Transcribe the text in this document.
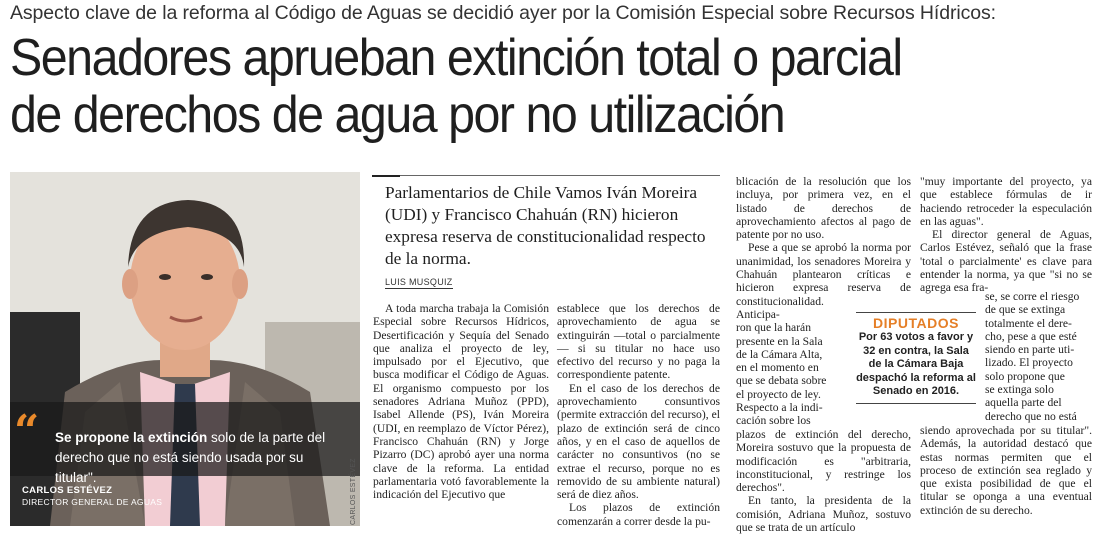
Aspecto clave de la reforma al Código de Aguas se decidió ayer por la Comisión Especial sobre Recursos Hídricos:
Senadores aprueban extinción total o parcial
de derechos de agua por no utilización
“ Se propone la extinción solo de la parte del derecho que no está siendo usada por su titular".
CARLOS ESTÉVEZ
DIRECTOR GENERAL DE AGUAS	CARLOS ESTÉVEZ
Parlamentarios de Chile Vamos Iván Moreira (UDI) y Francisco Chahuán (RN) hicieron expresa reserva de constitucionalidad respecto de la norma.
LUIS MUSQUIZ

A toda marcha trabaja la Comisión Especial sobre Recursos Hídricos, Desertificación y Sequía del Senado que analiza el proyecto de ley, impulsado por el Ejecutivo, que busca modificar el Código de Aguas. El organismo compuesto por los senadores Adriana Muñoz (PPD), Isabel Allende (PS), Iván Moreira (UDI, en reemplazo de Víctor Pérez), Francisco Chahuán (RN) y Jorge Pizarro (DC) aprobó ayer una norma clave de la reforma. La entidad parlamentaria votó favorablemente la indicación del Ejecutivo que

establece que los derechos de aprovechamiento de agua se extinguirán —total o parcialmente— si su titular no hace uso efectivo del recurso y no paga la correspondiente patente.

En el caso de los derechos de aprovechamiento consuntivos (permite extracción del recurso), el plazo de extinción será de cinco años, y en el caso de aquellos de carácter no consuntivos (no se extrae el recurso, porque no es removido de su ambiente natural) será de diez años.

Los plazos de extinción comenzarán a correr desde la pu-

blicación de la resolución que los incluya, por primera vez, en el listado de derechos de aprovechamiento afectos al pago de patente por no uso.

Pese a que se aprobó la norma por unanimidad, los senadores Moreira y Chahuán plantearon críticas e hicieron expresa reserva de constitucionalidad.

Anticipa-
ron que la harán
presente en la Sala
de la Cámara Alta,
en el momento en
que se debata sobre
el proyecto de ley.
Respecto a la indi-
cación sobre los

plazos de extinción del derecho, Moreira sostuvo que la propuesta de modificación es "arbitraria, inconstitucional, y restringe los derechos".

En tanto, la presidenta de la comisión, Adriana Muñoz, sostuvo que se trata de un artículo

"muy importante del proyecto, ya que establece fórmulas de ir haciendo retroceder la especulación en las aguas".

El director general de Aguas, Carlos Estévez, señaló que la frase 'total o parcialmente' es clave para entender la norma, ya que "si no se agrega esa fra-

se, se corre el riesgo
de que se extinga
totalmente el dere-
cho, pese a que esté
siendo en parte uti-
lizado. El proyecto
solo propone que
se extinga solo
aquella parte del
derecho que no está

siendo aprovechada por su titular". Además, la autoridad destacó que estas normas permiten que el proceso de extinción sea reglado y que exista posibilidad de que el titular se oponga a una eventual extinción de su derecho.

DIPUTADOS
Por 63 votos a favor y 32 en contra, la Sala de la Cámara Baja despachó la reforma al Senado en 2016.
